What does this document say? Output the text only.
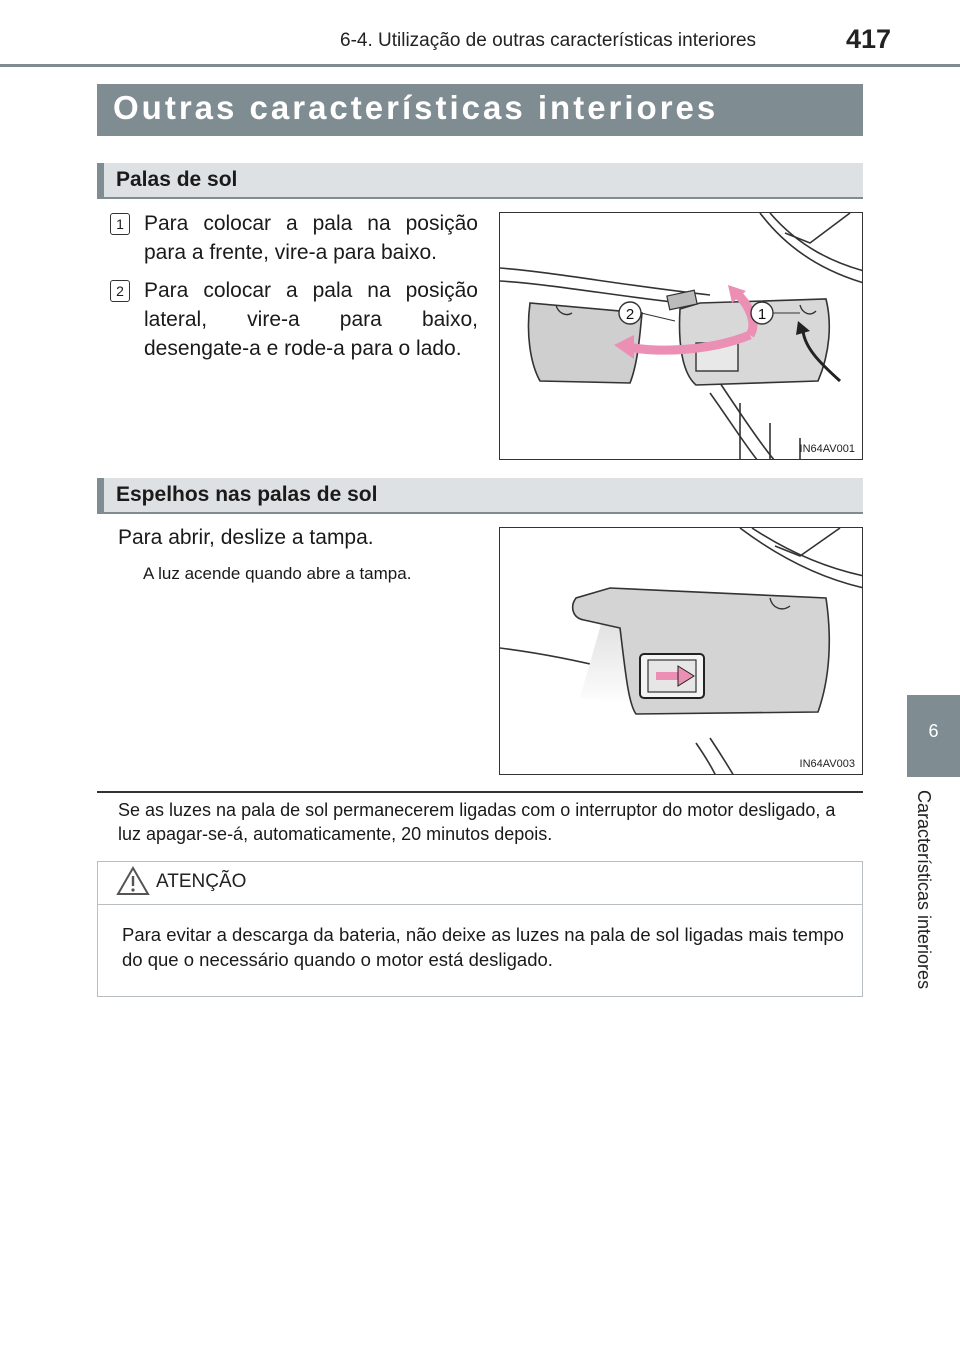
6-4. Utilização de outras características interiores	417
6
Características interiores
Outras características interiores
Palas de sol
1 Para colocar a pala na posição para a frente, vire-a para baixo.
2 Para colocar a pala na posição lateral, vire-a para baixo, desengate-a e rode-a para o lado.
2	1
IN64AV001
Espelhos nas palas de sol
Para abrir, deslize a tampa.
A luz acende quando abre a tampa.
IN64AV003
Se as luzes na pala de sol permanecerem ligadas com o interruptor do motor desligado, a luz apagar-se-á, automaticamente, 20 minutos depois.
ATENÇÃO
Para evitar a descarga da bateria, não deixe as luzes na pala de sol ligadas mais tempo do que o necessário quando o motor está desligado.
